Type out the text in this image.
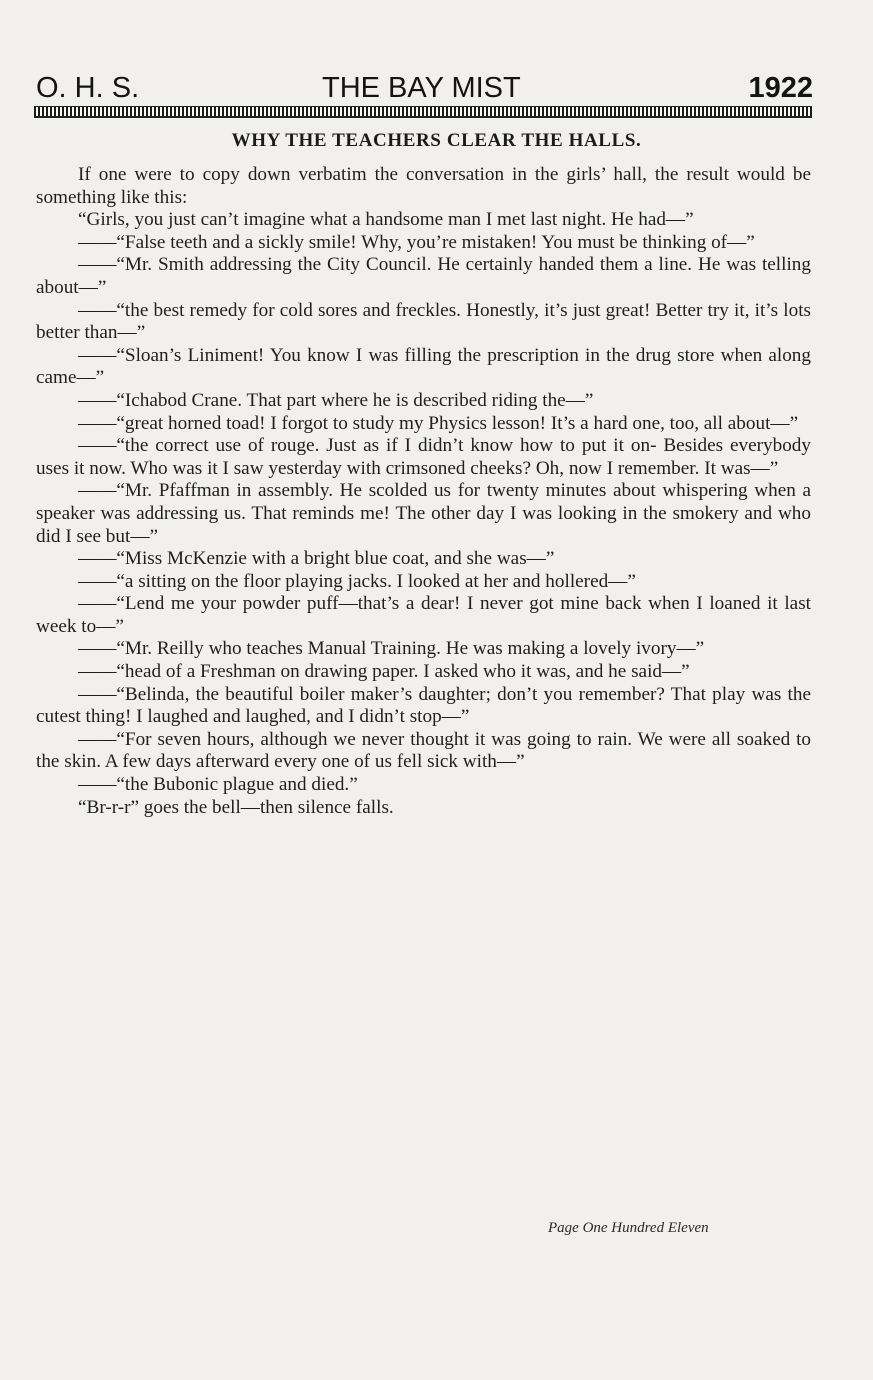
O. H. S.	THE BAY MIST	1922
WHY THE TEACHERS CLEAR THE HALLS.

If one were to copy down verbatim the conversation in the girls’ hall, the result would be something like this:

“Girls, you just can’t imagine what a handsome man I met last night. He had—”

——“False teeth and a sickly smile! Why, you’re mistaken! You must be thinking of—”

——“Mr. Smith addressing the City Council. He certainly handed them a line. He was telling about—”

——“the best remedy for cold sores and freckles. Honestly, it’s just great! Better try it, it’s lots better than—”

——“Sloan’s Liniment! You know I was filling the prescription in the drug store when along came—”

——“Ichabod Crane. That part where he is described riding the—”

——“great horned toad! I forgot to study my Physics lesson! It’s a hard one, too, all about—”

——“the correct use of rouge. Just as if I didn’t know how to put it on- Besides everybody uses it now. Who was it I saw yesterday with crimsoned cheeks? Oh, now I remember. It was—”

——“Mr. Pfaffman in assembly. He scolded us for twenty minutes about whispering when a speaker was addressing us. That reminds me! The other day I was looking in the smokery and who did I see but—”

——“Miss McKenzie with a bright blue coat, and she was—”

——“a sitting on the floor playing jacks. I looked at her and hollered—”

——“Lend me your powder puff—that’s a dear! I never got mine back when I loaned it last week to—”

——“Mr. Reilly who teaches Manual Training. He was making a lovely ivory—”

——“head of a Freshman on drawing paper. I asked who it was, and he said—”

——“Belinda, the beautiful boiler maker’s daughter; don’t you remember? That play was the cutest thing! I laughed and laughed, and I didn’t stop—”

——“For seven hours, although we never thought it was going to rain. We were all soaked to the skin. A few days afterward every one of us fell sick with—”

——“the Bubonic plague and died.”

“Br-r-r” goes the bell—then silence falls.

Page One Hundred Eleven
